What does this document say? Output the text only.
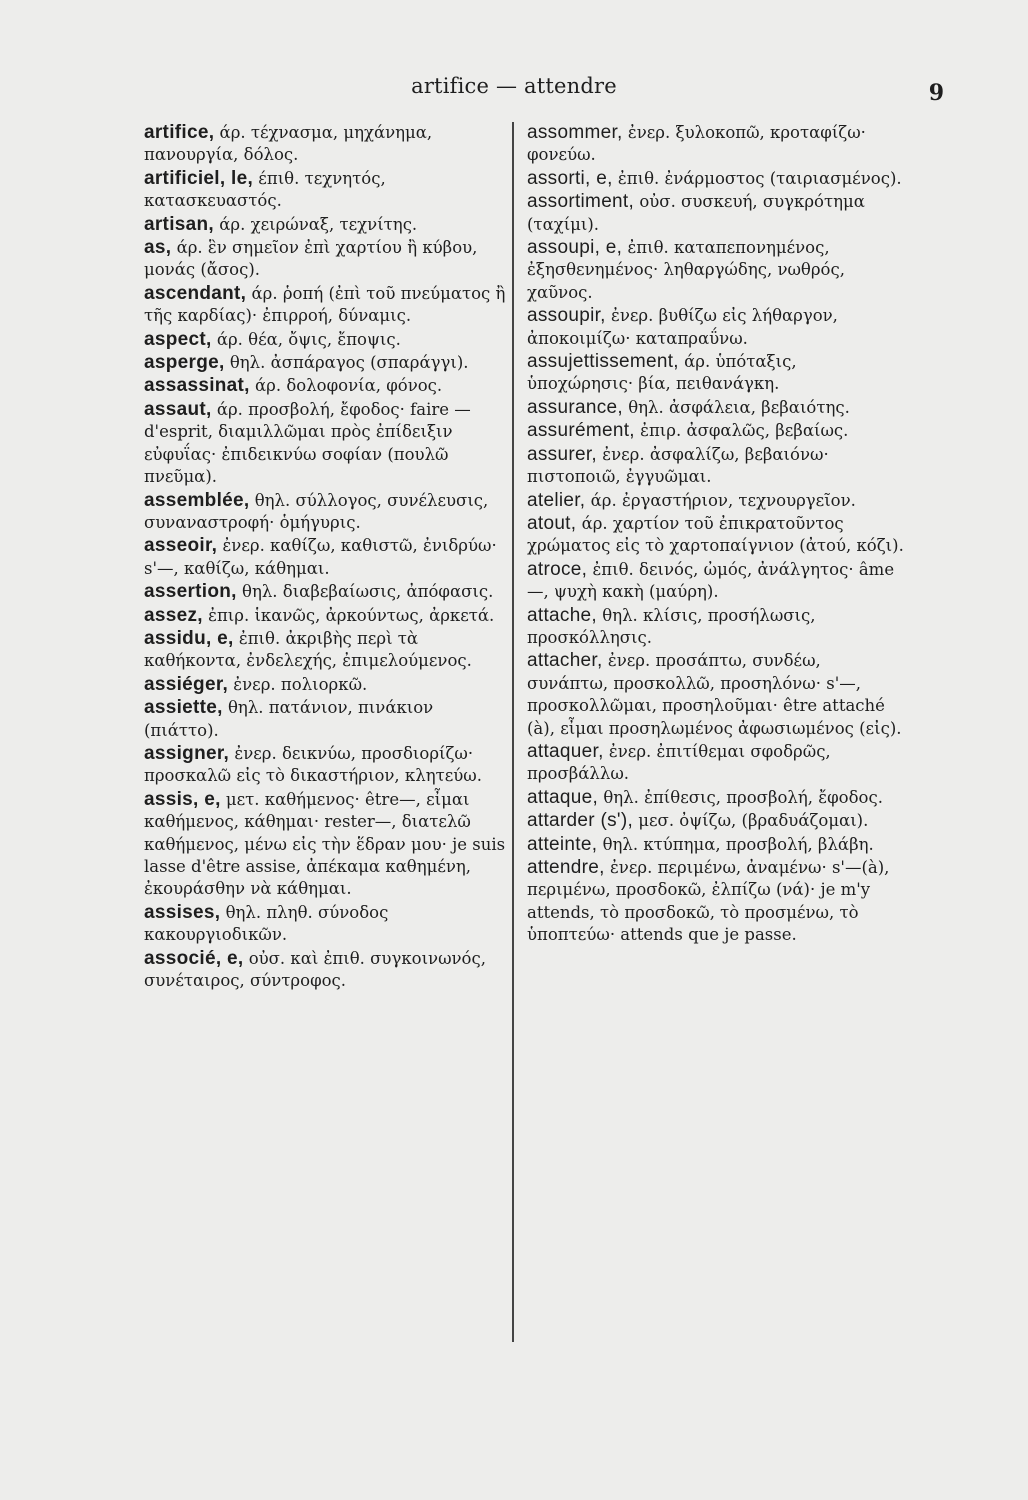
artifice — attendre	9
artifice, άρ. τέχνασμα, μηχάνημα, πανουργία, δόλος.
artificiel, le, έπιθ. τεχνητός, κατασκευαστός.
artisan, άρ. χειρώναξ, τεχνίτης.
as, άρ. ἓν σημεῖον ἐπὶ χαρτίου ἢ κύβου, μονάς (ἄσος).
ascendant, άρ. ῥοπή (ἐπὶ τοῦ πνεύματος ἢ τῆς καρδίας)· ἐπιρροή, δύναμις.
aspect, άρ. θέα, ὄψις, ἔποψις.
asperge, θηλ. ἀσπάραγος (σπαράγγι).
assassinat, άρ. δολοφονία, φόνος.
assaut, άρ. προσβολή, ἔφοδος· faire — d'esprit, διαμιλλῶμαι πρὸς ἐπίδειξιν εὐφυΐας· ἐπιδεικνύω σοφίαν (πουλῶ πνεῦμα).
assemblée, θηλ. σύλλογος, συνέλευσις, συναναστροφή· ὁμήγυρις.
asseoir, ἐνερ. καθίζω, καθιστῶ, ἐνιδρύω· s'—, καθίζω, κάθημαι.
assertion, θηλ. διαβεβαίωσις, ἀπόφασις.
assez, ἐπιρ. ἱκανῶς, ἀρκούντως, ἀρκετά.
assidu, e, ἐπιθ. ἀκριβὴς περὶ τὰ καθήκοντα, ἐνδελεχής, ἐπιμελούμενος.
assiéger, ἐνερ. πολιορκῶ.
assiette, θηλ. πατάνιον, πινάκιον (πιάττο).
assigner, ἐνερ. δεικνύω, προσδιορίζω· προσκαλῶ εἰς τὸ δικαστήριον, κλητεύω.
assis, e, μετ. καθήμενος· être—, εἶμαι καθήμενος, κάθημαι· rester—, διατελῶ καθήμενος, μένω εἰς τὴν ἕδραν μου· je suis lasse d'être assise, ἀπέκαμα καθημένη, ἐκουράσθην νὰ κάθημαι.
assises, θηλ. πληθ. σύνοδος κακουργιοδικῶν.
associé, e, οὐσ. καὶ ἐπιθ. συγκοινωνός, συνέταιρος, σύντροφος.
assommer, ἐνερ. ξυλοκοπῶ, κροταφίζω· φονεύω.
assorti, e, ἐπιθ. ἐνάρμοστος (ταιριασμένος).
assortiment, οὐσ. συσκευή, συγκρότημα (ταχίμι).
assoupi, e, ἐπιθ. καταπεπονημένος, ἐξησθενημένος· ληθαργώδης, νωθρός, χαῦνος.
assoupir, ἐνερ. βυθίζω εἰς λήθαργον, ἀποκοιμίζω· καταπραΰνω.
assujettissement, άρ. ὑπόταξις, ὑποχώρησις· βία, πειθανάγκη.
assurance, θηλ. ἀσφάλεια, βεβαιότης.
assurément, ἐπιρ. ἀσφαλῶς, βεβαίως.
assurer, ἐνερ. ἀσφαλίζω, βεβαιόνω· πιστοποιῶ, ἐγγυῶμαι.
atelier, άρ. ἐργαστήριον, τεχνουργεῖον.
atout, άρ. χαρτίον τοῦ ἐπικρατοῦντος χρώματος εἰς τὸ χαρτοπαίγνιον (ἀτού, κόζι).
atroce, ἐπιθ. δεινός, ὠμός, ἀνάλγητος· âme—, ψυχὴ κακὴ (μαύρη).
attache, θηλ. κλίσις, προσήλωσις, προσκόλλησις.
attacher, ἐνερ. προσάπτω, συνδέω, συνάπτω, προσκολλῶ, προσηλόνω· s'—, προσκολλῶμαι, προσηλοῦμαι· être attaché (à), εἶμαι προσηλωμένος ἀφωσιωμένος (εἰς).
attaquer, ἐνερ. ἐπιτίθεμαι σφοδρῶς, προσβάλλω.
attaque, θηλ. ἐπίθεσις, προσβολή, ἔφοδος.
attarder (s'), μεσ. ὀψίζω, (βραδυάζομαι).
atteinte, θηλ. κτύπημα, προσβολή, βλάβη.
attendre, ἐνερ. περιμένω, ἀναμένω· s'—(à), περιμένω, προσδοκῶ, ἐλπίζω (νά)· je m'y attends, τὸ προσδοκῶ, τὸ προσμένω, τὸ ὑποπτεύω· attends que je passe.
